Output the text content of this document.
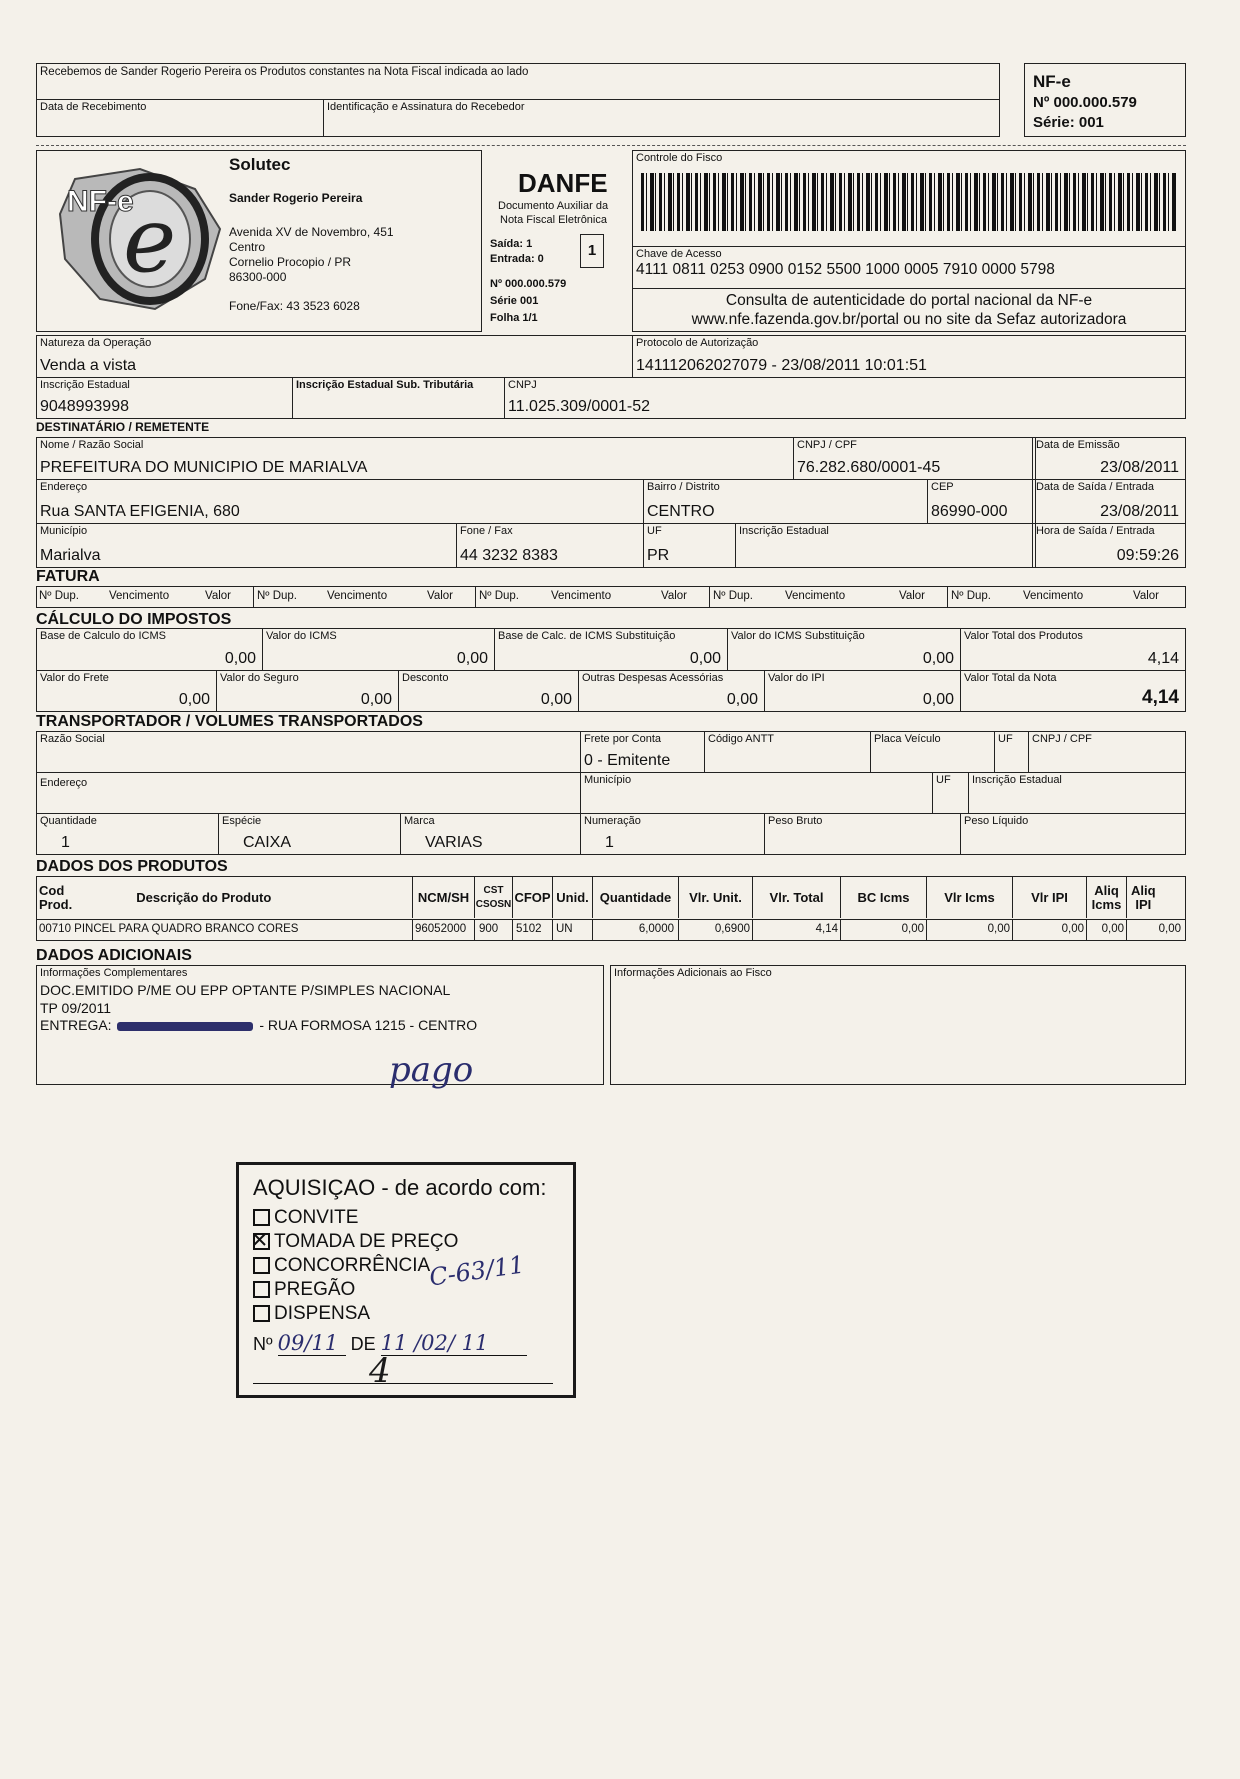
Recebemos de Sander Rogerio Pereira os Produtos constantes na Nota Fiscal indicada ao lado
Data de Recebimento	Identificação e Assinatura do Recebedor
NF-e
Nº 000.000.579
Série: 001
e
NF-e
Solutec
Sander Rogerio Pereira
Avenida XV de Novembro, 451
Centro
Cornelio Procopio / PR
86300-000
Fone/Fax: 43 3523 6028
DANFE
Documento Auxiliar da
Nota Fiscal Eletrônica
Saída: 1
Entrada: 0	1
Nº 000.000.579
Série 001
Folha 1/1
Controle do Fisco
Chave de Acesso
4111 0811 0253 0900 0152 5500 1000 0005 7910 0000 5798
Consulta de autenticidade do portal nacional da NF-e
www.nfe.fazenda.gov.br/portal ou no site da Sefaz autorizadora
Natureza da Operação
Venda a vista
Protocolo de Autorização
141112062027079 - 23/08/2011 10:01:51
Inscrição Estadual
9048993998
Inscrição Estadual Sub. Tributária	CNPJ
11.025.309/0001-52
DESTINATÁRIO / REMETENTE
Nome / Razão Social
PREFEITURA DO MUNICIPIO DE MARIALVA
CNPJ / CPF
76.282.680/0001-45
Endereço
Rua SANTA EFIGENIA, 680
Bairro / Distrito
CENTRO
CEP
86990-000
Município
Marialva
Fone / Fax
44 3232 8383
UF
PR
Inscrição Estadual
Data de Emissão
23/08/2011
Data de Saída / Entrada
23/08/2011
Hora de Saída / Entrada
09:59:26
FATURA
Nº Dup.	Vencimento	Valor Nº Dup.	Vencimento	Valor Nº Dup.	Vencimento	Valor Nº Dup.	Vencimento	Valor Nº Dup.	Vencimento	Valor
CÁLCULO DO IMPOSTOS
Base de Calculo do ICMS
0,00
Valor do ICMS
0,00
Base de Calc. de ICMS Substituição
0,00
Valor do ICMS Substituição
0,00
Valor Total dos Produtos
4,14
Valor do Frete
0,00
Valor do Seguro
0,00
Desconto
0,00
Outras Despesas Acessórias
0,00
Valor do IPI
0,00
Valor Total da Nota
4,14
TRANSPORTADOR / VOLUMES TRANSPORTADOS
Razão Social	Frete por Conta
0 - Emitente
Código ANTT	Placa Veículo	UF CNPJ / CPF
Endereço	Município	UF Inscrição Estadual
Quantidade
1
Espécie
CAIXA
Marca
VARIAS
Numeração
1
Peso Bruto	Peso Líquido
DADOS DOS PRODUTOS
Cod
Prod.	Descrição do Produto	NCM/SH	CST
CSOSN CFOP Unid. Quantidade	Vlr. Unit.	Vlr. Total	BC Icms	Vlr Icms	Vlr IPI	Aliq
Icms
Aliq
IPI
00710 PINCEL PARA QUADRO BRANCO CORES	96052000	900	5102	UN	6,0000	0,6900	4,14	0,00	0,00	0,00	0,00	0,00
DADOS ADICIONAIS
Informações Complementares
DOC.EMITIDO P/ME OU EPP OPTANTE P/SIMPLES NACIONAL
TP 09/2011
ENTREGA:	- RUA FORMOSA 1215 - CENTRO
pago
Informações Adicionais ao Fisco
AQUISIÇAO - de acordo com:
CONVITE
TOMADA DE PREÇO
CONCORRÊNCIA
PREGÃO
DISPENSA
C-63/11
Nº 09/11 DE 11 /02/ 11
4
